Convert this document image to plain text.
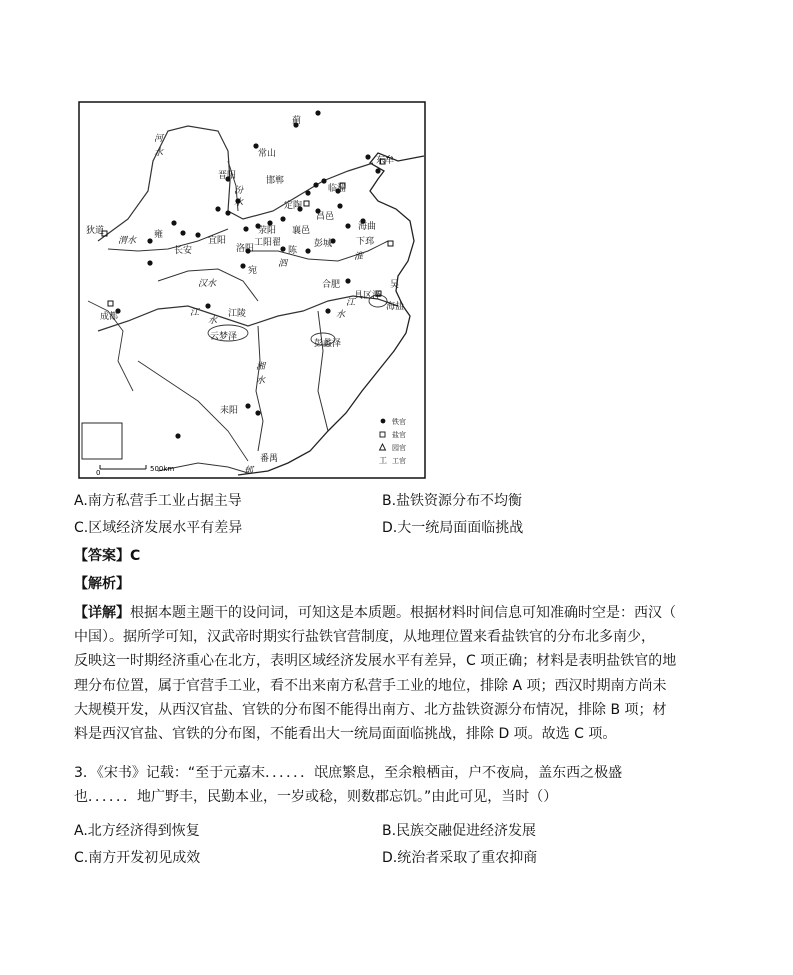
蓟
常山
东牟
晋阳	邯郸
临淄
定陶
昌邑
海曲
狄道	雍
长安
宜阳
洛阳
荥阳 襄邑
下邳
彭城
工阳翟
陈
宛
合肥	吴
海盐
江陵
成都
云梦泽
彭蠡泽
耒阳
番禺
具区泽
河
水
汾
水
渭水
汉水
江
水
湘
水
淮
泗
江
水
郁
0	500km
铁官
盐官
园官
工 工官
A.南方私营手工业占据主导	B.盐铁资源分布不均衡
C.区域经济发展水平有差异	D.大一统局面面临挑战
【答案】C
【解析】
【详解】根据本题主题干的设问词，可知这是本质题。根据材料时间信息可知准确时空是：西汉（
中国）。据所学可知，汉武帝时期实行盐铁官营制度，从地理位置来看盐铁官的分布北多南少，
反映这一时期经济重心在北方，表明区域经济发展水平有差异，C 项正确；材料是表明盐铁官的地
理分布位置，属于官营手工业，看不出来南方私营手工业的地位，排除 A 项；西汉时期南方尚未
大规模开发，从西汉官盐、官铁的分布图不能得出南方、北方盐铁资源分布情况，排除 B 项；材
料是西汉官盐、官铁的分布图，不能看出大一统局面面临挑战，排除 D 项。故选 C 项。
3．《宋书》记载：“至于元嘉末．．．．．．氓庶繁息，至余粮栖亩，户不夜扃，盖东西之极盛
也．．．．．．地广野丰，民勤本业，一岁或稔，则数郡忘饥。”由此可见，当时（）
A.北方经济得到恢复	B.民族交融促进经济发展
C.南方开发初见成效	D.统治者采取了重农抑商
